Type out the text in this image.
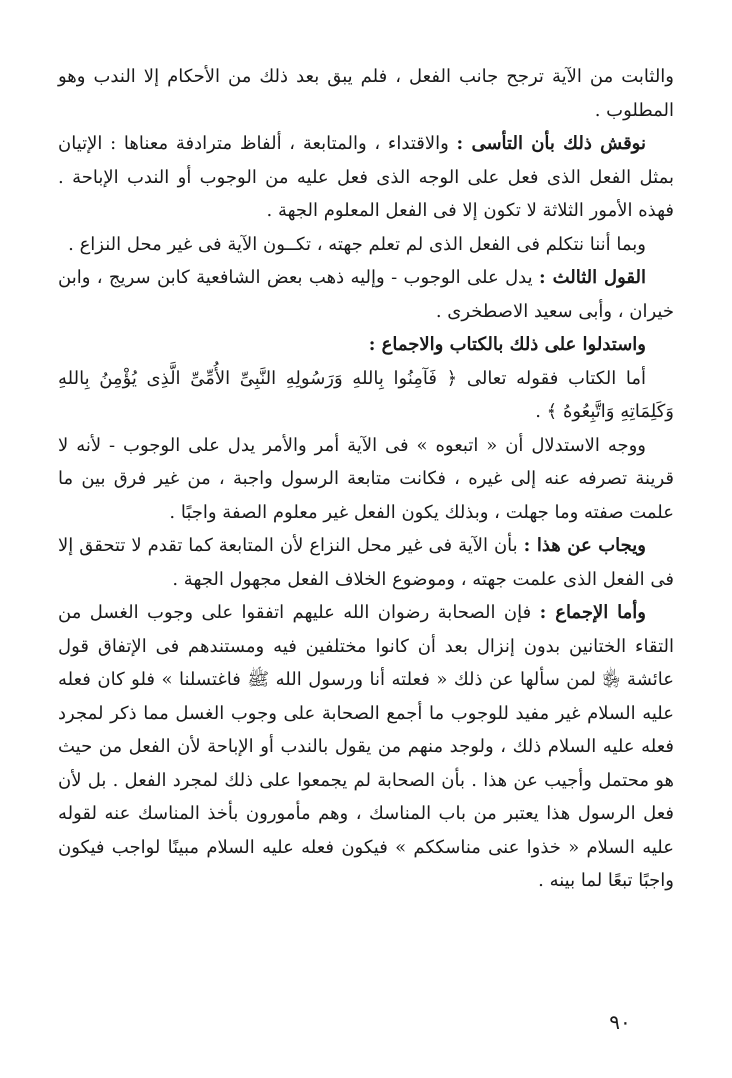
والثابت من الآية ترجح جانب الفعل ، فلم يبق بعد ذلك من الأحكام إلا الندب وهو المطلوب .

نوقش ذلك بأن التأسى : والاقتداء ، والمتابعة ، ألفاظ مترادفة معناها : الإتيان بمثل الفعل الذى فعل على الوجه الذى فعل عليه من الوجوب أو الندب الإباحة . فهذه الأمور الثلاثة لا تكون إلا فى الفعل المعلوم الجهة .

وبما أننا نتكلم فى الفعل الذى لم تعلم جهته ، تكــون الآية فى غير محل النزاع .

القول الثالث : يدل على الوجوب - وإليه ذهب بعض الشافعية كابن سريج ، وابن خيران ، وأبى سعيد الاصطخرى .

واستدلوا على ذلك بالكتاب والاجماع :

أما الكتاب فقوله تعالى ﴿ فَآمِنُوا بِاللهِ وَرَسُولِهِ النَّبِىِّ الأُمِّىِّ الَّذِى يُؤْمِنُ بِاللهِ وَكَلِمَاتِهِ وَاتَّبِعُوهُ ﴾ .

ووجه الاستدلال أن « اتبعوه » فى الآية أمر والأمر يدل على الوجوب - لأنه لا قرينة تصرفه عنه إلى غيره ، فكانت متابعة الرسول واجبة ، من غير فرق بين ما علمت صفته وما جهلت ، وبذلك يكون الفعل غير معلوم الصفة واجبًا .

ويجاب عن هذا : بأن الآية فى غير محل النزاع لأن المتابعة كما تقدم لا تتحقق إلا فى الفعل الذى علمت جهته ، وموضوع الخلاف الفعل مجهول الجهة .

وأما الإجماع : فإن الصحابة رضوان الله عليهم اتفقوا على وجوب الغسل من التقاء الختانين بدون إنزال بعد أن كانوا مختلفين فيه ومستندهم فى الإتفاق قول عائشة ﵂ لمن سألها عن ذلك « فعلته أنا ورسول الله ﷺ فاغتسلنا » فلو كان فعله عليه السلام غير مفيد للوجوب ما أجمع الصحابة على وجوب الغسل مما ذكر لمجرد فعله عليه السلام ذلك ، ولوجد منهم من يقول بالندب أو الإباحة لأن الفعل من حيث هو محتمل وأجيب عن هذا . بأن الصحابة لم يجمعوا على ذلك لمجرد الفعل . بل لأن فعل الرسول هذا يعتبر من باب المناسك ، وهم مأمورون بأخذ المناسك عنه لقوله عليه السلام « خذوا عنى مناسككم » فيكون فعله عليه السلام مبينًا لواجب فيكون واجبًا تبعًا لما بينه .

٩٠
